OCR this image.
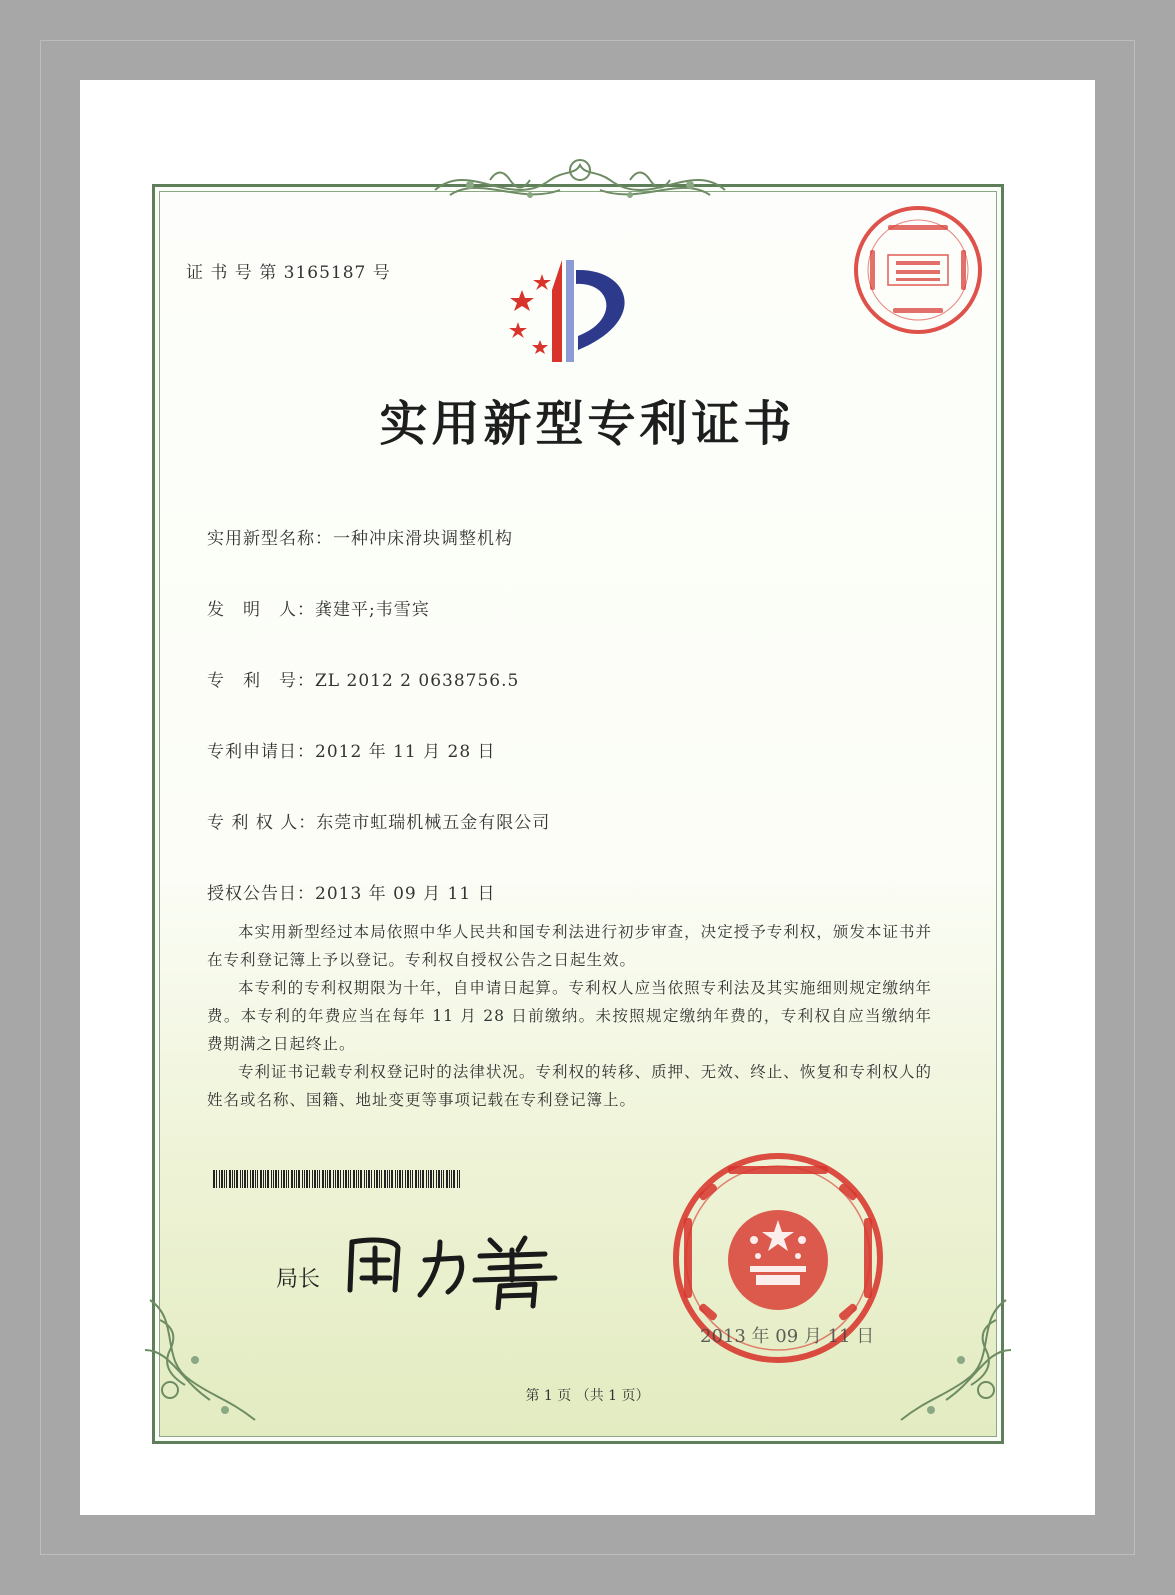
证 书 号 第 3165187 号
实用新型专利证书
实用新型名称：一种冲床滑块调整机构
发　明　人：龚建平;韦雪宾
专　利　号：ZL 2012 2 0638756.5
专利申请日：2012 年 11 月 28 日
专 利 权 人：东莞市虹瑞机械五金有限公司
授权公告日：2013 年 09 月 11 日

本实用新型经过本局依照中华人民共和国专利法进行初步审查，决定授予专利权，颁发本证书并在专利登记簿上予以登记。专利权自授权公告之日起生效。

本专利的专利权期限为十年，自申请日起算。专利权人应当依照专利法及其实施细则规定缴纳年费。本专利的年费应当在每年 11 月 28 日前缴纳。未按照规定缴纳年费的，专利权自应当缴纳年费期满之日起终止。

专利证书记载专利权登记时的法律状况。专利权的转移、质押、无效、终止、恢复和专利权人的姓名或名称、国籍、地址变更等事项记载在专利登记簿上。

局长
2013 年 09 月 11 日
第 1 页 （共 1 页）
